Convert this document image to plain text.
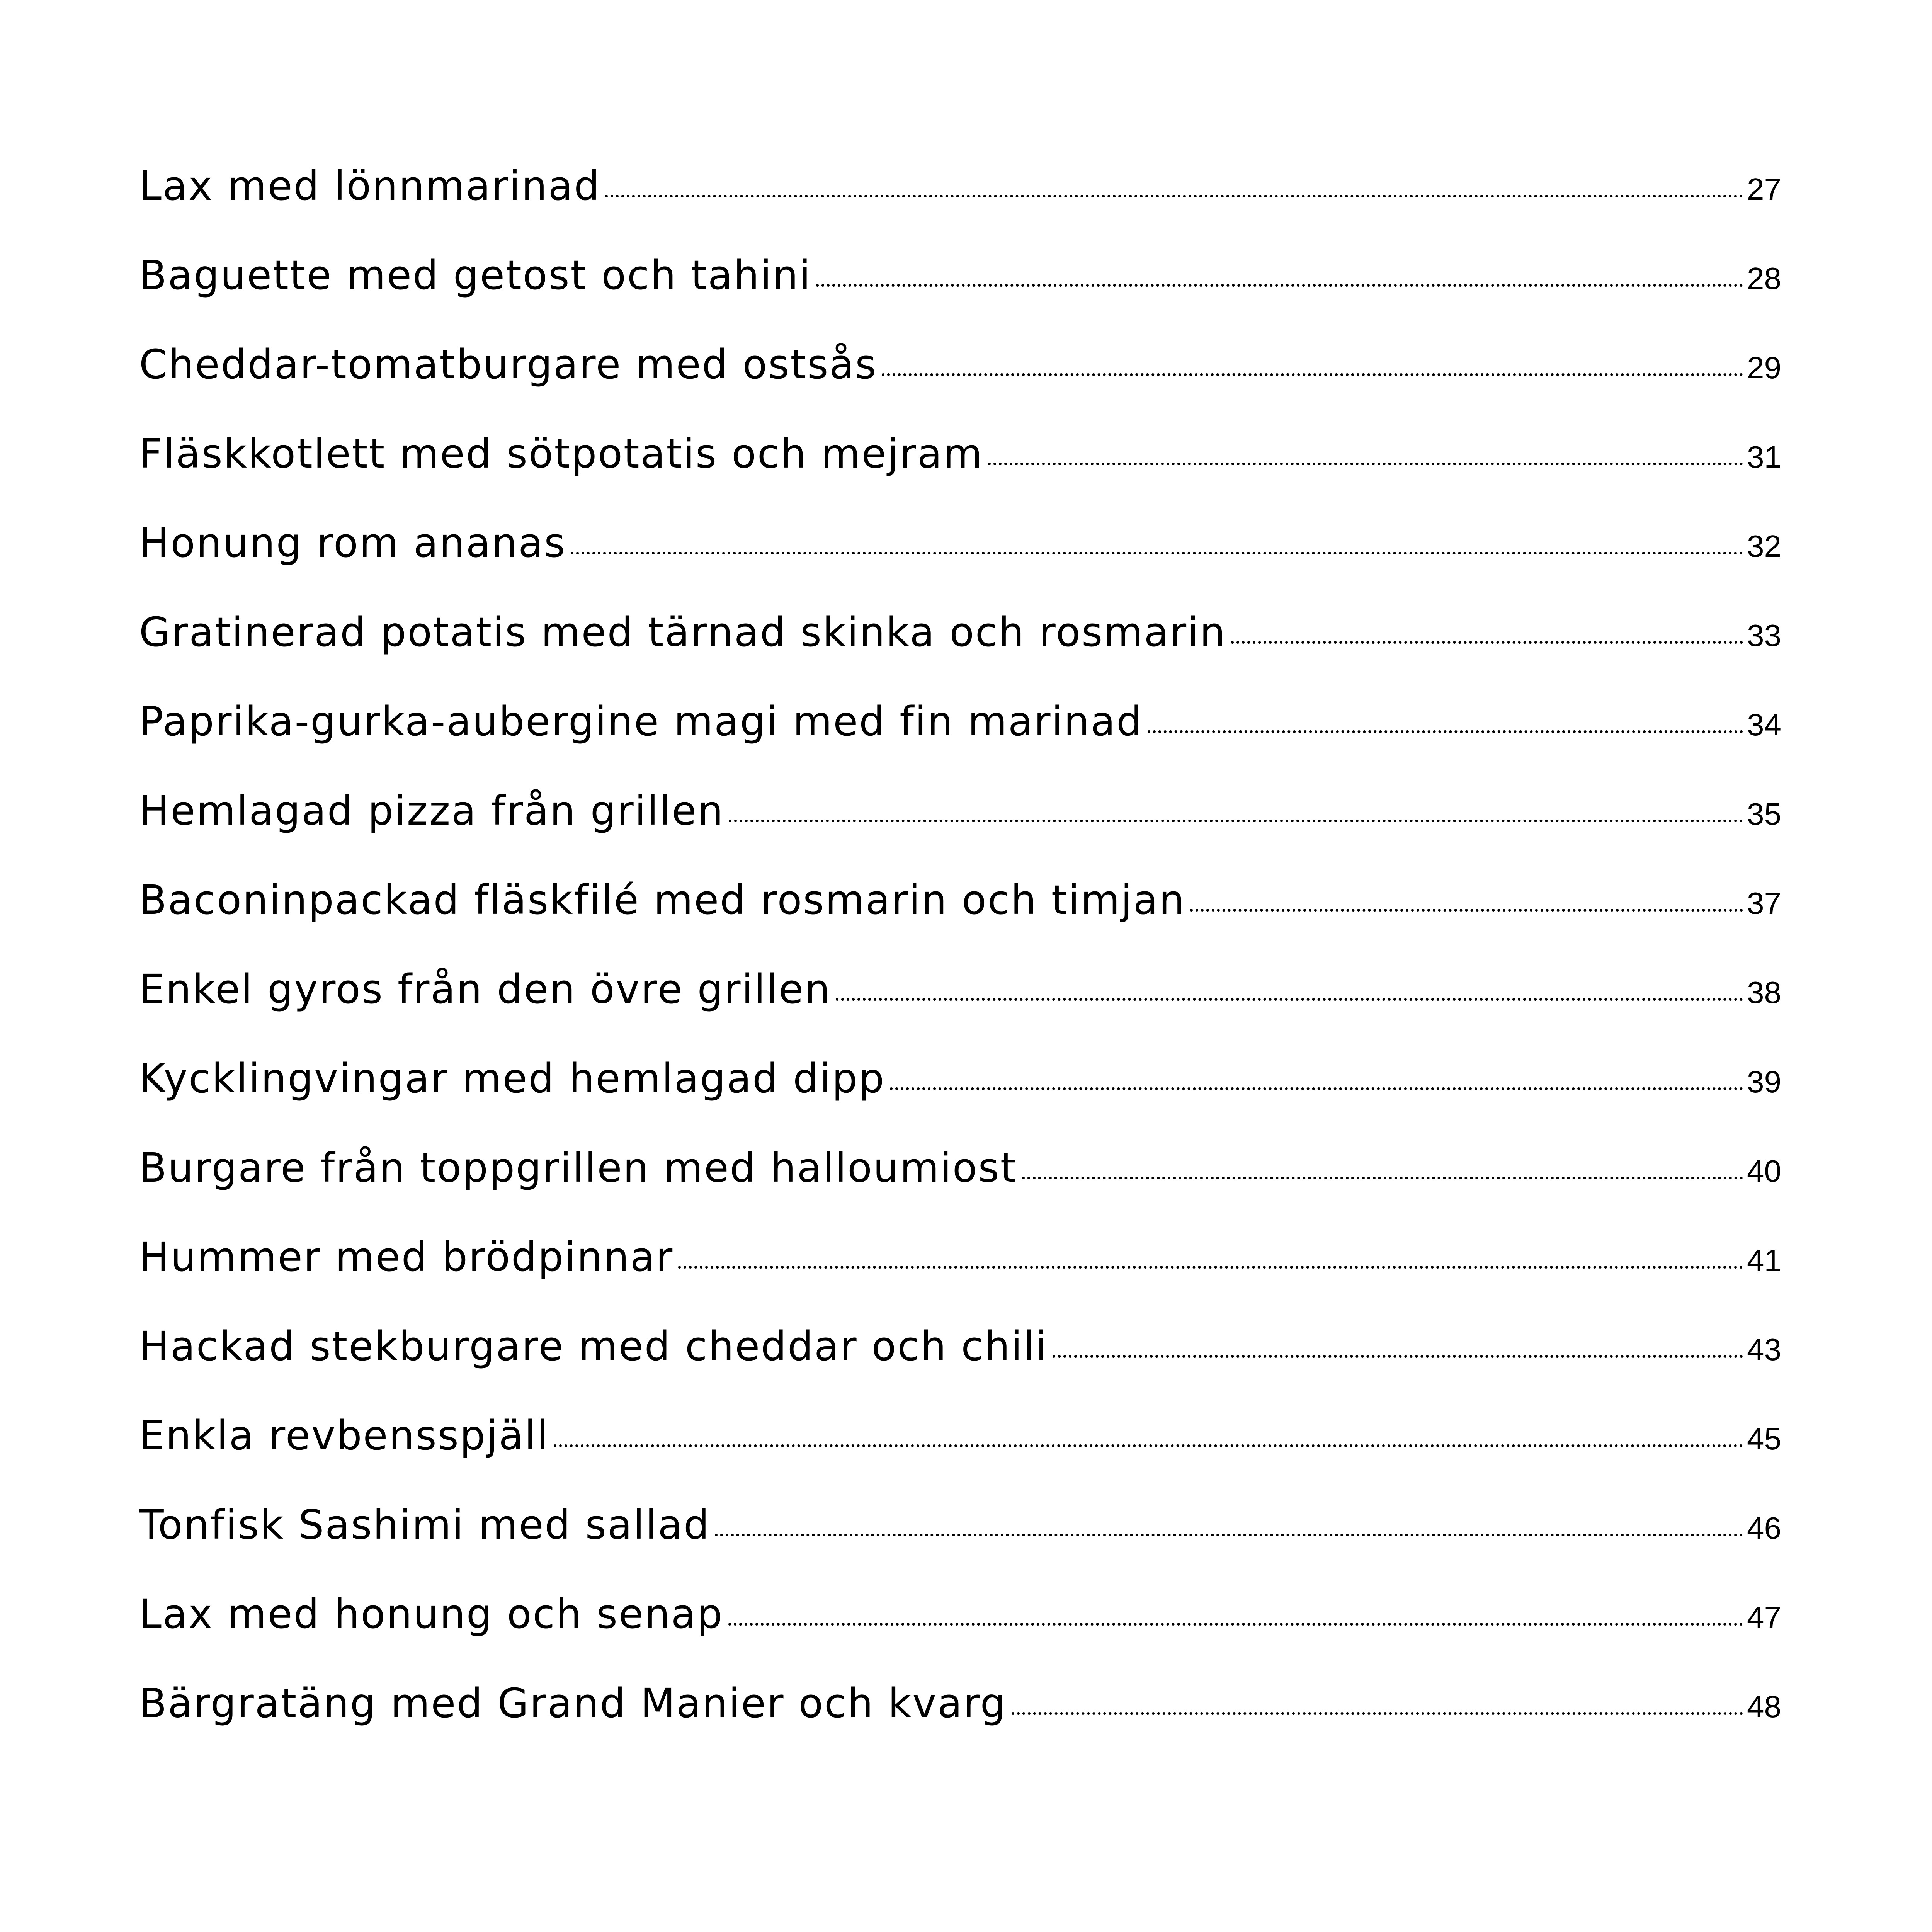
Lax med lönnmarinad	27
Baguette med getost och tahini	28
Cheddar-tomatburgare med ostsås	29
Fläskkotlett med sötpotatis och mejram	31
Honung rom ananas	32
Gratinerad potatis med tärnad skinka och rosmarin	33
Paprika-gurka-aubergine magi med fin marinad	34
Hemlagad pizza från grillen	35
Baconinpackad fläskfilé med rosmarin och timjan	37
Enkel gyros från den övre grillen	38
Kycklingvingar med hemlagad dipp	39
Burgare från toppgrillen med halloumiost	40
Hummer med brödpinnar	41
Hackad stekburgare med cheddar och chili	43
Enkla revbensspjäll	45
Tonfisk Sashimi med sallad	46
Lax med honung och senap	47
Bärgratäng med Grand Manier och kvarg	48
